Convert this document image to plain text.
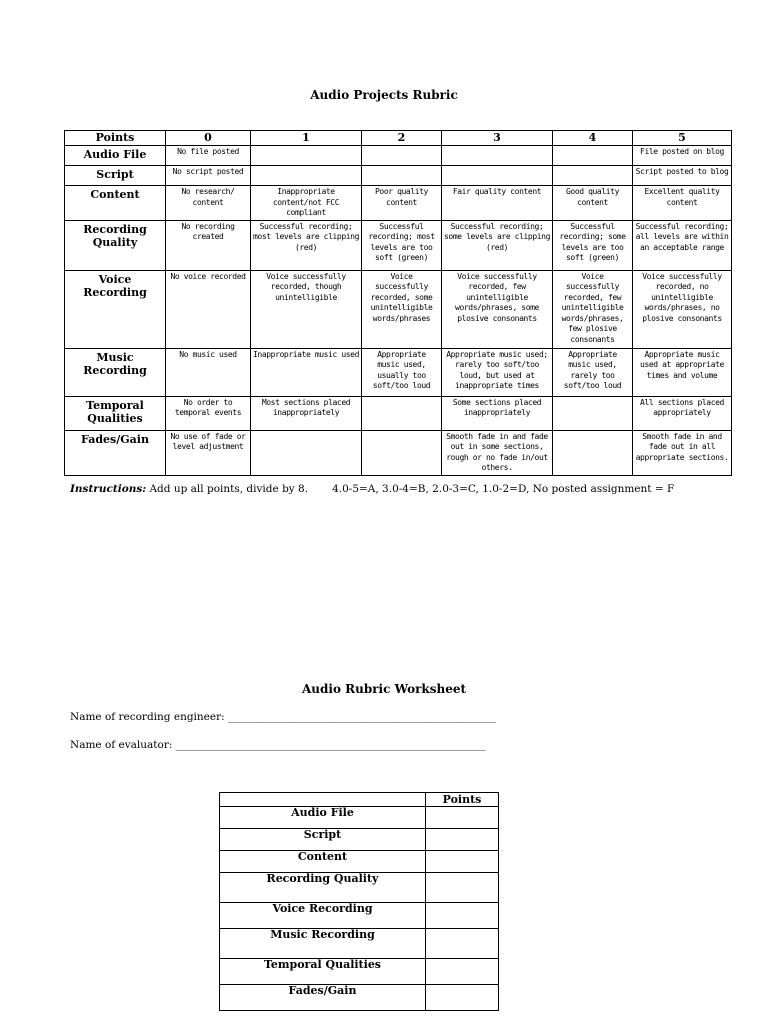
Audio Projects Rubric
Points	0	1	2	3	4	5
Audio File	No file posted					File posted on blog
Script	No script posted					Script posted to blog
Content	No research/ content	Inappropriate content/not FCC compliant	Poor quality content	Fair quality content	Good quality content	Excellent quality content
Recording Quality	No recording created	Successful recording; most levels are clipping (red)	Successful recording; most levels are too soft (green)	Successful recording; some levels are clipping (red)	Successful recording; some levels are too soft (green)	Successful recording; all levels are within an acceptable range
Voice Recording	No voice recorded	Voice successfully recorded, though unintelligible	Voice successfully recorded, some unintelligible words/phrases	Voice successfully recorded, few unintelligible words/phrases, some plosive consonants	Voice successfully recorded, few unintelligible words/phrases, few plosive consonants	Voice successfully recorded, no unintelligible words/phrases, no plosive consonants
Music Recording	No music used	Inappropriate music used	Appropriate music used, usually too soft/too loud	Appropriate music used; rarely too soft/too loud, but used at inappropriate times	Appropriate music used, rarely too soft/too loud	Appropriate music used at appropriate times and volume
Temporal Qualities	No order to temporal events	Most sections placed inappropriately		Some sections placed inappropriately		All sections placed appropriately
Fades/Gain	No use of fade or level adjustment			Smooth fade in and fade out in some sections, rough or no fade in/out others.		Smooth fade in and fade out in all appropriate sections.
Instructions: Add up all points, divide by 8. 4.0-5=A, 3.0-4=B, 2.0-3=C, 1.0-2=D, No posted assignment = F
Audio Rubric Worksheet
Name of recording engineer: ___________________________________________________
Name of evaluator: ___________________________________________________________
	Points
Audio File	
Script	
Content	
Recording Quality	
Voice Recording	
Music Recording	
Temporal Qualities	
Fades/Gain	
